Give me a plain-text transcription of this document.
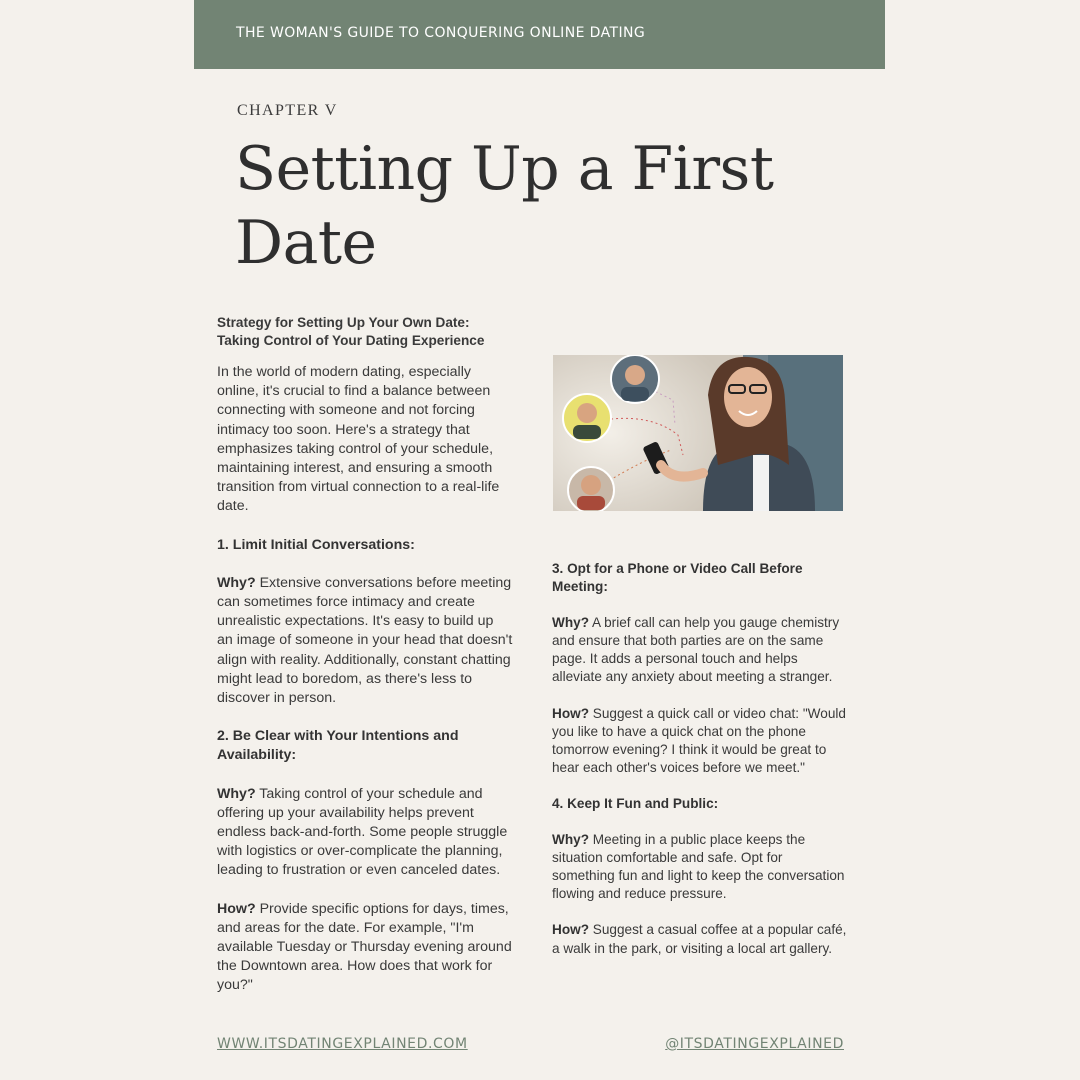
THE WOMAN'S GUIDE TO CONQUERING ONLINE DATING
CHAPTER V
Setting Up a First Date

Strategy for Setting Up Your Own Date: Taking Control of Your Dating Experience

In the world of modern dating, especially online, it's crucial to find a balance between connecting with someone and not forcing intimacy too soon. Here's a strategy that emphasizes taking control of your schedule, maintaining interest, and ensuring a smooth transition from virtual connection to a real-life date.

1. Limit Initial Conversations:

Why? Extensive conversations before meeting can sometimes force intimacy and create unrealistic expectations. It's easy to build up an image of someone in your head that doesn't align with reality. Additionally, constant chatting might lead to boredom, as there's less to discover in person.

2. Be Clear with Your Intentions and Availability:

Why? Taking control of your schedule and offering up your availability helps prevent endless back-and-forth. Some people struggle with logistics or over-complicate the planning, leading to frustration or even canceled dates.

How? Provide specific options for days, times, and areas for the date. For example, "I'm available Tuesday or Thursday evening around the Downtown area. How does that work for you?"

3. Opt for a Phone or Video Call Before Meeting:

Why? A brief call can help you gauge chemistry and ensure that both parties are on the same page. It adds a personal touch and helps alleviate any anxiety about meeting a stranger.

How? Suggest a quick call or video chat: "Would you like to have a quick chat on the phone tomorrow evening? I think it would be great to hear each other's voices before we meet."

4. Keep It Fun and Public:

Why? Meeting in a public place keeps the situation comfortable and safe. Opt for something fun and light to keep the conversation flowing and reduce pressure.

How? Suggest a casual coffee at a popular café, a walk in the park, or visiting a local art gallery.

WWW.ITSDATINGEXPLAINED.COM	@ITSDATINGEXPLAINED
